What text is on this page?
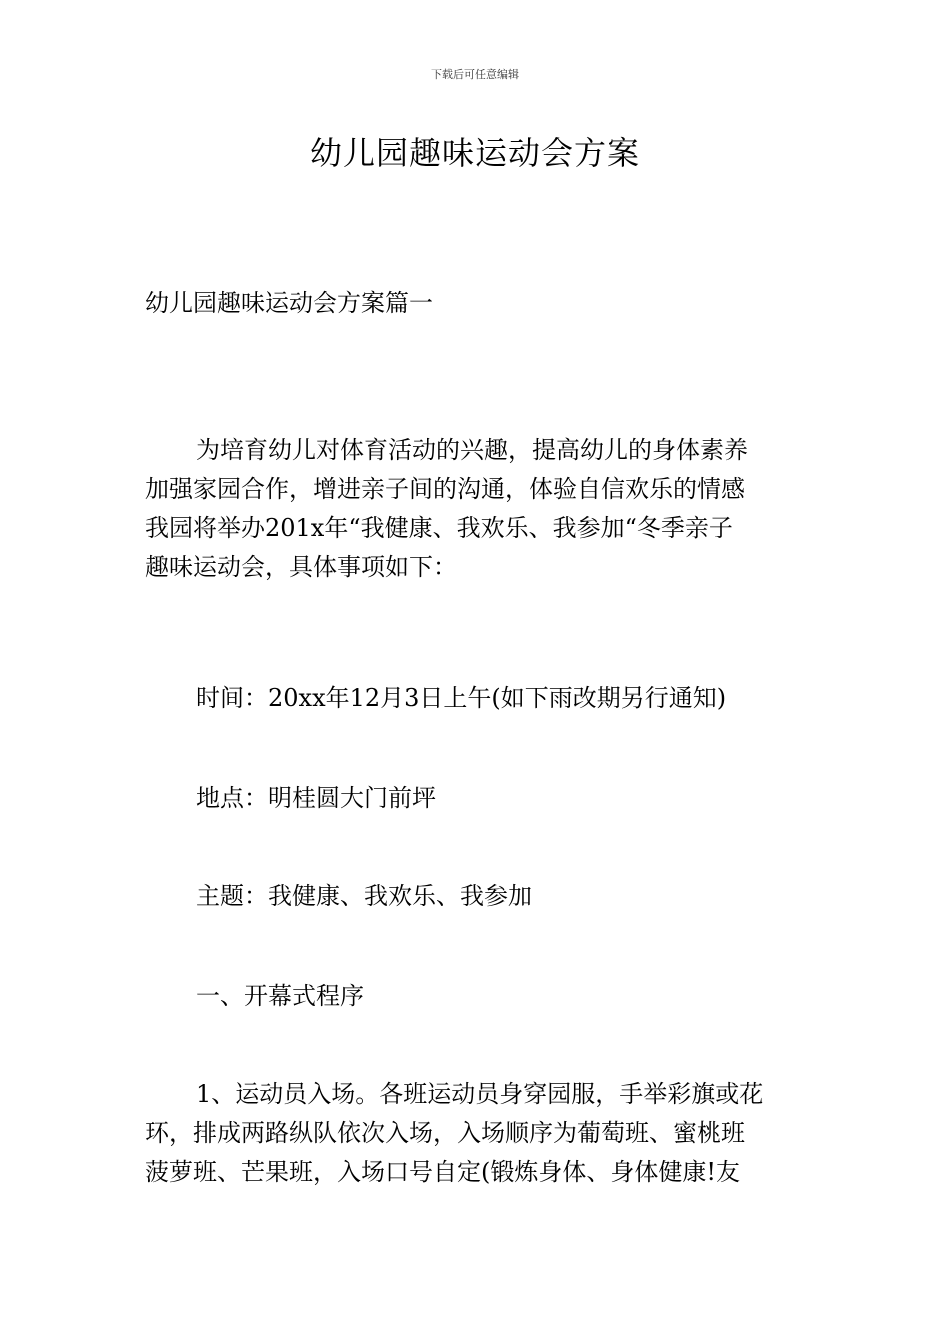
下载后可任意编辑
幼儿园趣味运动会方案
幼儿园趣味运动会方案篇一
为培育幼儿对体育活动的兴趣，提高幼儿的身体素养
加强家园合作，增进亲子间的沟通，体验自信欢乐的情感
我园将举办201x年“我健康、我欢乐、我参加“冬季亲子
趣味运动会，具体事项如下：
时间：20xx年12月3日上午(如下雨改期另行通知)
地点：明桂圆大门前坪
主题：我健康、我欢乐、我参加
一、开幕式程序
1、运动员入场。各班运动员身穿园服，手举彩旗或花
环，排成两路纵队依次入场，入场顺序为葡萄班、蜜桃班
菠萝班、芒果班，入场口号自定(锻炼身体、身体健康!友
